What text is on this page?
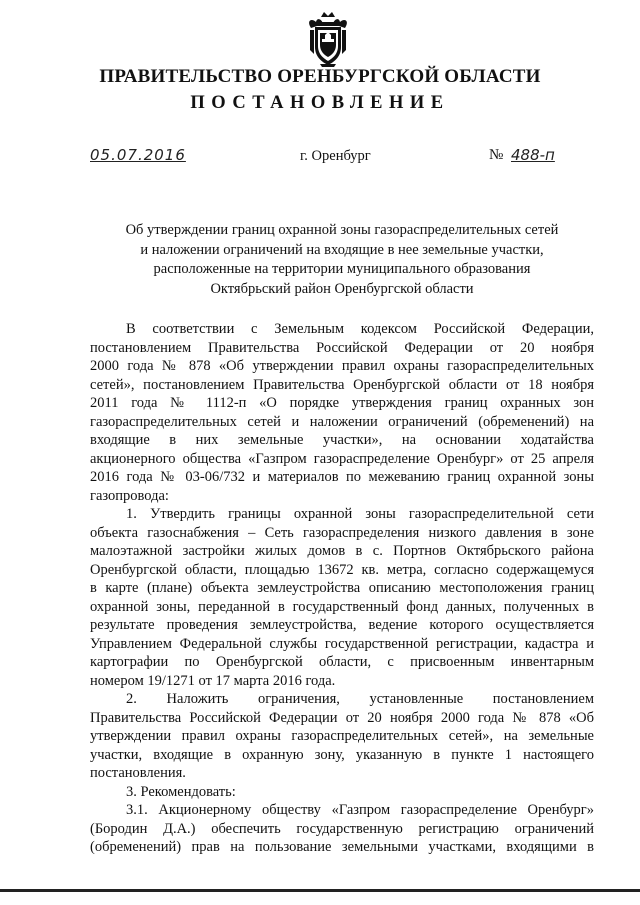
ПРАВИТЕЛЬСТВО ОРЕНБУРГСКОЙ ОБЛАСТИ
ПОСТАНОВЛЕНИЕ
05.07.2016	г. Оренбург	№ 488-п
Об утверждении границ охранной зоны газораспределительных сетей
и наложении ограничений на входящие в нее земельные участки,
расположенные на территории муниципального образования
Октябрьский район Оренбургской области
В соответствии с Земельным кодексом Российской Федерации,
постановлением Правительства Российской Федерации от 20 ноября
2000 года № 878 «Об утверждении правил охраны газораспределительных
сетей», постановлением Правительства Оренбургской области от 18 ноября
2011 года № 1112-п «О порядке утверждения границ охранных зон
газораспределительных сетей и наложении ограничений (обременений) на
входящие в них земельные участки», на основании ходатайства
акционерного общества «Газпром газораспределение Оренбург» от 25 апреля
2016 года № 03-06/732 и материалов по межеванию границ охранной зоны
газопровода:
1. Утвердить границы охранной зоны газораспределительной сети
объекта газоснабжения – Сеть газораспределения низкого давления в зоне
малоэтажной застройки жилых домов в с. Портнов Октябрьского района
Оренбургской области, площадью 13672 кв. метра, согласно содержащемуся
в карте (плане) объекта землеустройства описанию местоположения границ
охранной зоны, переданной в государственный фонд данных, полученных в
результате проведения землеустройства, ведение которого осуществляется
Управлением Федеральной службы государственной регистрации, кадастра и
картографии по Оренбургской области, с присвоенным инвентарным
номером 19/1271 от 17 марта 2016 года.
2. Наложить ограничения, установленные постановлением
Правительства Российской Федерации от 20 ноября 2000 года № 878 «Об
утверждении правил охраны газораспределительных сетей», на земельные
участки, входящие в охранную зону, указанную в пункте 1 настоящего
постановления.
3. Рекомендовать:
3.1. Акционерному обществу «Газпром газораспределение Оренбург»
(Бородин Д.А.) обеспечить государственную регистрацию ограничений
(обременений) прав на пользование земельными участками, входящими в
